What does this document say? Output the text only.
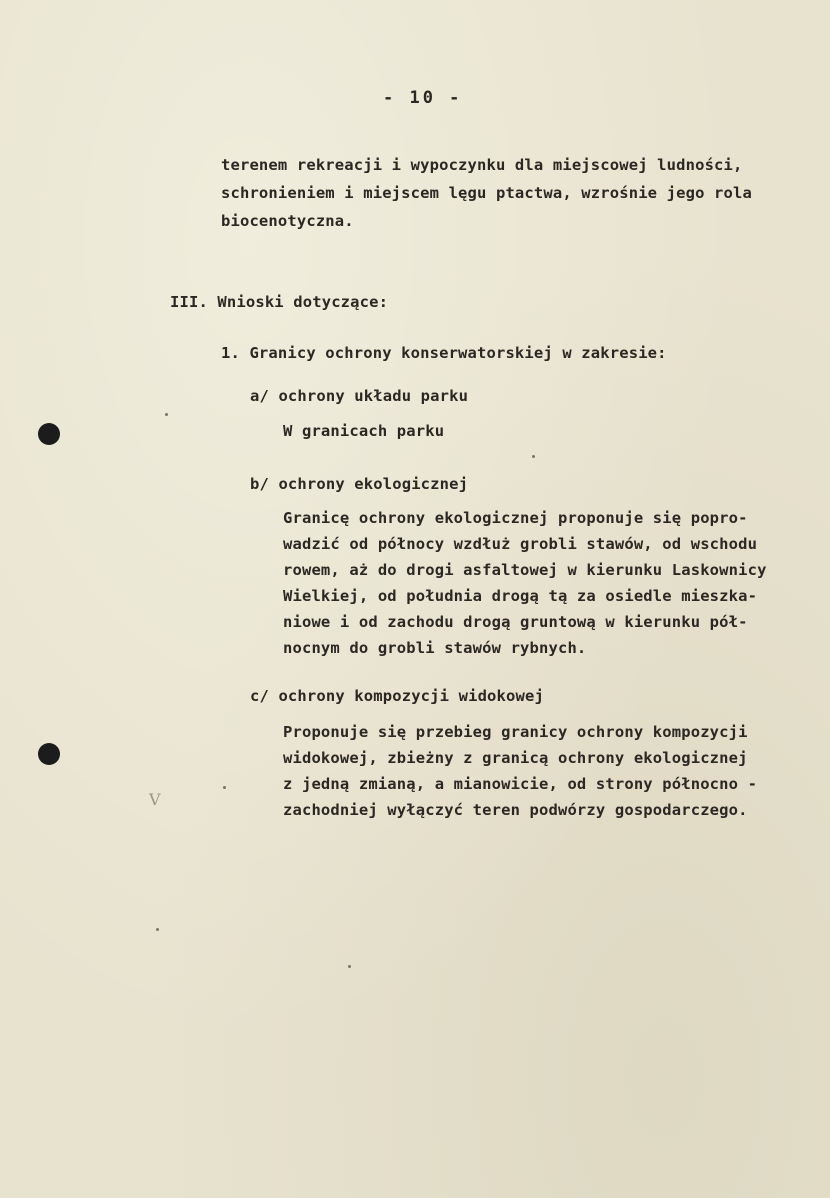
- 10 -
terenem rekreacji i wypoczynku dla miejscowej ludności,
schronieniem i miejscem lęgu ptactwa, wzrośnie jego rola
biocenotyczna.
III. Wnioski dotyczące:
1. Granicy ochrony konserwatorskiej w zakresie:
a/ ochrony układu parku
W granicach parku
b/ ochrony ekologicznej
Granicę ochrony ekologicznej proponuje się popro-
wadzić od północy wzdłuż grobli stawów, od wschodu
rowem, aż do drogi asfaltowej w kierunku Laskownicy
Wielkiej, od południa drogą tą za osiedle mieszka-
niowe i od zachodu drogą gruntową w kierunku pół-
nocnym do grobli stawów rybnych.
c/ ochrony kompozycji widokowej
Proponuje się przebieg granicy ochrony kompozycji
widokowej, zbieżny z granicą ochrony ekologicznej
z jedną zmianą, a mianowicie, od strony północno -
zachodniej wyłączyć teren podwórzy gospodarczego.
V
